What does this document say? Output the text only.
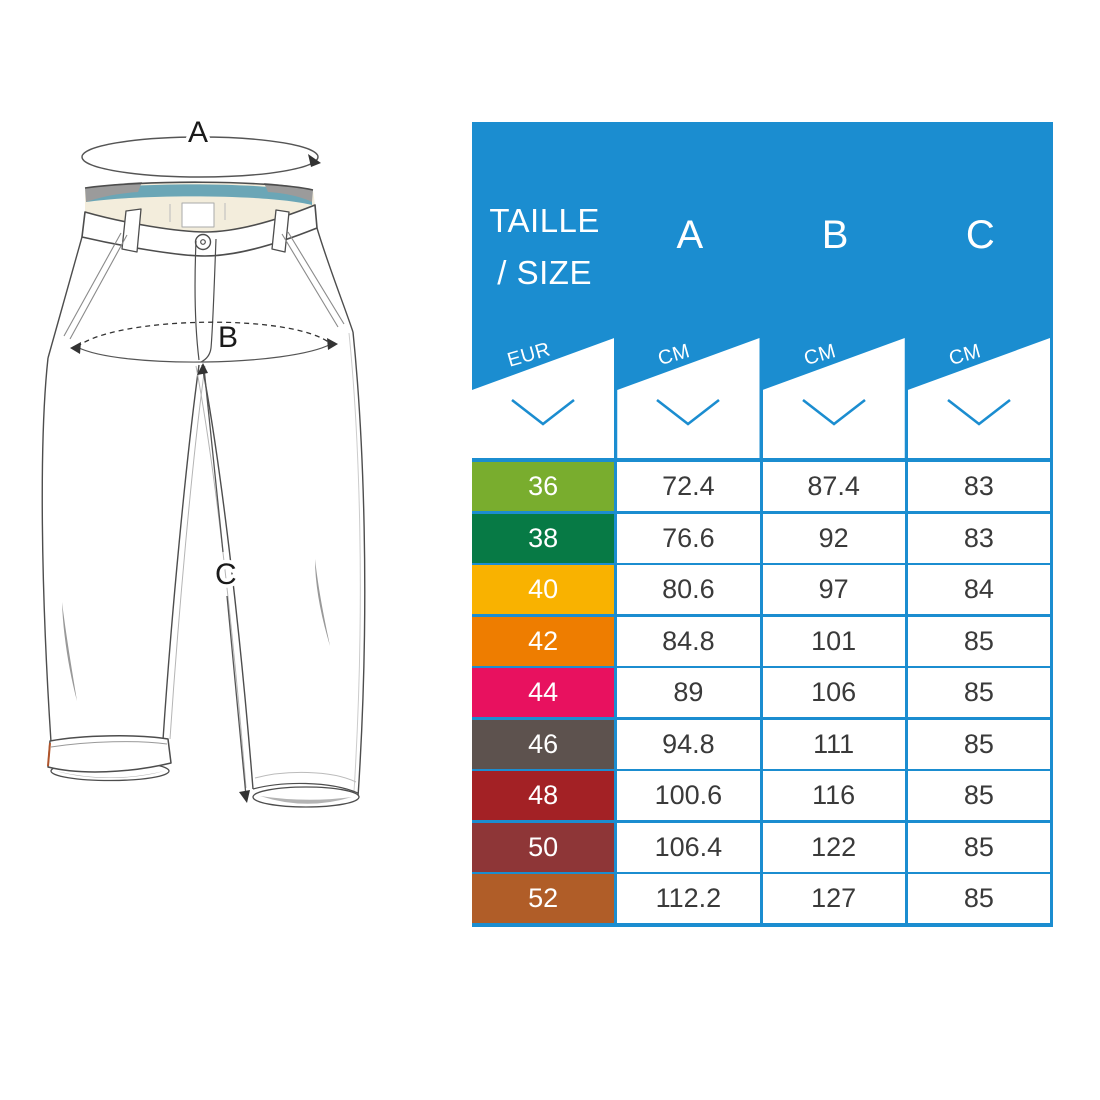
A
B
C
TAILLE
/ SIZE
A	B	C
EUR	CM	CM	CM
36	72.4	87.4	83
38	76.6	92	83
40	80.6	97	84
42	84.8	101	85
44	89	106	85
46	94.8	111	85
48	100.6	116	85
50	106.4	122	85
52	112.2	127	85
